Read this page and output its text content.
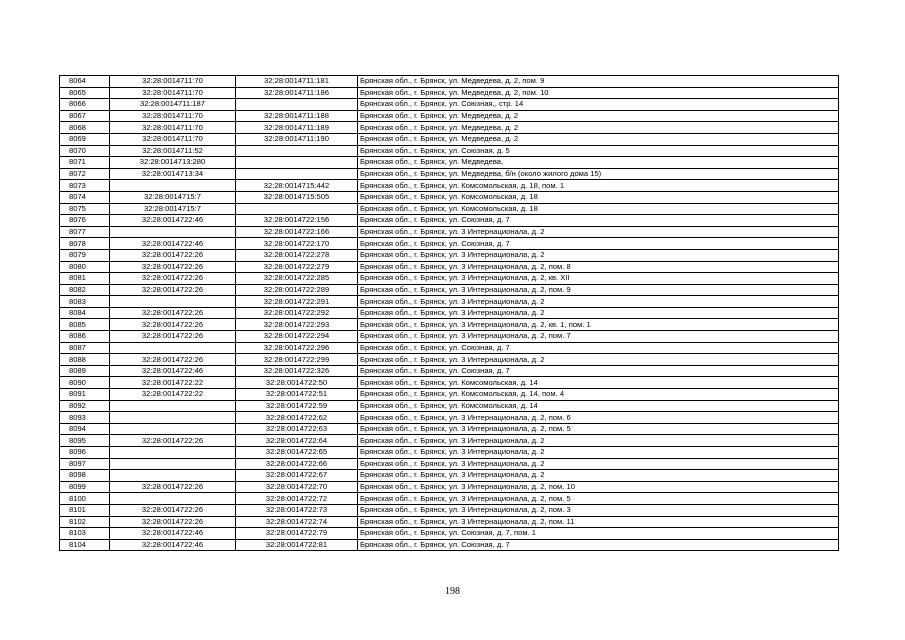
8064	32:28:0014711:70	32:28:0014711:181	Брянская обл., г. Брянск, ул. Медведева, д. 2, пом. 9
8065	32:28:0014711:70	32:28:0014711:186	Брянская обл., г. Брянск, ул. Медведева, д. 2, пом. 10
8066	32:28:0014711:187		Брянская обл., г. Брянск, ул. Союзная,, стр. 14
8067	32:28:0014711:70	32:28:0014711:188	Брянская обл., г. Брянск, ул. Медведева, д. 2
8068	32:28:0014711:70	32:28:0014711:189	Брянская обл., г. Брянск, ул. Медведева, д. 2
8069	32:28:0014711:70	32:28:0014711:190	Брянская обл., г. Брянск, ул. Медведева, д. 2
8070	32:28:0014711:52		Брянская обл., г. Брянск, ул. Союзная, д. 5
8071	32:28:0014713:280		Брянская обл., г. Брянск, ул. Медведева,
8072	32:28:0014713:34		Брянская обл., г. Брянск, ул. Медведева, б/н (около жилого дома 15)
8073		32:28:0014715:442	Брянская обл., г. Брянск, ул. Комсомольская, д. 18, пом. 1
8074	32:28:0014715:7	32:28:0014715:505	Брянская обл., г. Брянск, ул. Комсомольская, д. 18
8075	32:28:0014715:7		Брянская обл., г. Брянск, ул. Комсомольская, д. 18
8076	32:28:0014722:46	32:28:0014722:156	Брянская обл., г. Брянск, ул. Союзная, д. 7
8077		32:28:0014722:166	Брянская обл., г. Брянск, ул. 3 Интернационала, д. 2
8078	32:28:0014722:46	32:28:0014722:170	Брянская обл., г. Брянск, ул. Союзная, д. 7
8079	32:28:0014722:26	32:28:0014722:278	Брянская обл., г. Брянск, ул. 3 Интернационала, д. 2
8080	32:28:0014722:26	32:28:0014722:279	Брянская обл., г. Брянск, ул. 3 Интернационала, д. 2, пом. 8
8081	32:28:0014722:26	32:28:0014722:285	Брянская обл., г. Брянск, ул. 3 Интернационала, д. 2, кв. XII
8082	32:28:0014722:26	32:28:0014722:289	Брянская обл., г. Брянск, ул. 3 Интернационала, д. 2, пом. 9
8083		32:28:0014722:291	Брянская обл., г. Брянск, ул. 3 Интернационала, д. 2
8084	32:28:0014722:26	32:28:0014722:292	Брянская обл., г. Брянск, ул. 3 Интернационала, д. 2
8085	32:28:0014722:26	32:28:0014722:293	Брянская обл., г. Брянск, ул. 3 Интернационала, д. 2, кв. 1, пом. 1
8086	32:28:0014722:26	32:28:0014722:294	Брянская обл., г. Брянск, ул. 3 Интернационала, д. 2, пом. 7
8087		32:28:0014722:296	Брянская обл., г. Брянск, ул. Союзная, д. 7
8088	32:28:0014722:26	32:28:0014722:299	Брянская обл., г. Брянск, ул. 3 Интернационала, д. 2
8089	32:28:0014722:46	32:28:0014722:326	Брянская обл., г. Брянск, ул. Союзная, д. 7
8090	32:28:0014722:22	32:28:0014722:50	Брянская обл., г. Брянск, ул. Комсомольская, д. 14
8091	32:28:0014722:22	32:28:0014722:51	Брянская обл., г. Брянск, ул. Комсомольская, д. 14, пом. 4
8092		32:28:0014722:59	Брянская обл., г. Брянск, ул. Комсомольская, д. 14
8093		32:28:0014722:62	Брянская обл., г. Брянск, ул. 3 Интернационала, д. 2, пом. 6
8094		32:28:0014722:63	Брянская обл., г. Брянск, ул. 3 Интернационала, д. 2, пом. 5
8095	32:28:0014722:26	32:28:0014722:64	Брянская обл., г. Брянск, ул. 3 Интернационала, д. 2
8096		32:28:0014722:65	Брянская обл., г. Брянск, ул. 3 Интернационала, д. 2
8097		32:28:0014722:66	Брянская обл., г. Брянск, ул. 3 Интернационала, д. 2
8098		32:28:0014722:67	Брянская обл., г. Брянск, ул. 3 Интернационала, д. 2
8099	32:28:0014722:26	32:28:0014722:70	Брянская обл., г. Брянск, ул. 3 Интернационала, д. 2, пом. 10
8100		32:28:0014722:72	Брянская обл., г. Брянск, ул. 3 Интернационала, д. 2, пом. 5
8101	32:28:0014722:26	32:28:0014722:73	Брянская обл., г. Брянск, ул. 3 Интернационала, д. 2, пом. 3
8102	32:28:0014722:26	32:28:0014722:74	Брянская обл., г. Брянск, ул. 3 Интернационала, д. 2, пом. 11
8103	32:28:0014722:46	32:28:0014722:79	Брянская обл., г. Брянск, ул. Союзная, д. 7, пом. 1
8104	32:28:0014722:46	32:28:0014722:81	Брянская обл., г. Брянск, ул. Союзная, д. 7
198
